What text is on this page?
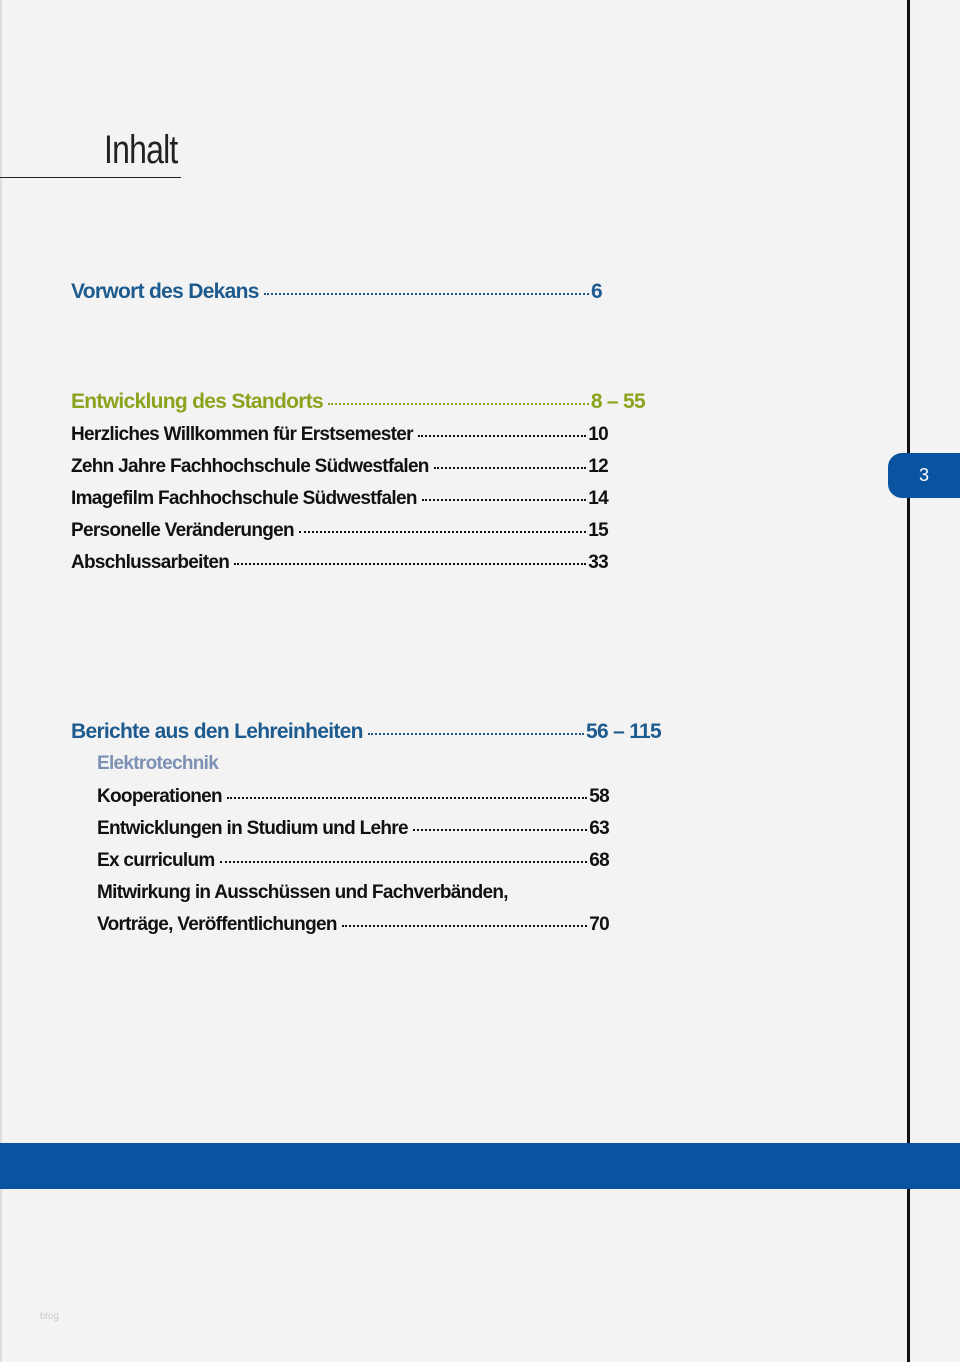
Inhalt
Vorwort des Dekans	6
Entwicklung des Standorts	8 – 55
Herzliches Willkommen für Erstsemester	10
Zehn Jahre Fachhochschule Südwestfalen	12
Imagefilm Fachhochschule Südwestfalen	14
Personelle Veränderungen	15
Abschlussarbeiten	33
Berichte aus den Lehreinheiten	56 – 115
Elektrotechnik
Kooperationen	58
Entwicklungen in Studium und Lehre	63
Ex curriculum	68
Mitwirkung in Ausschüssen und Fachverbänden,
Vorträge, Veröffentlichungen	70
3
blog
